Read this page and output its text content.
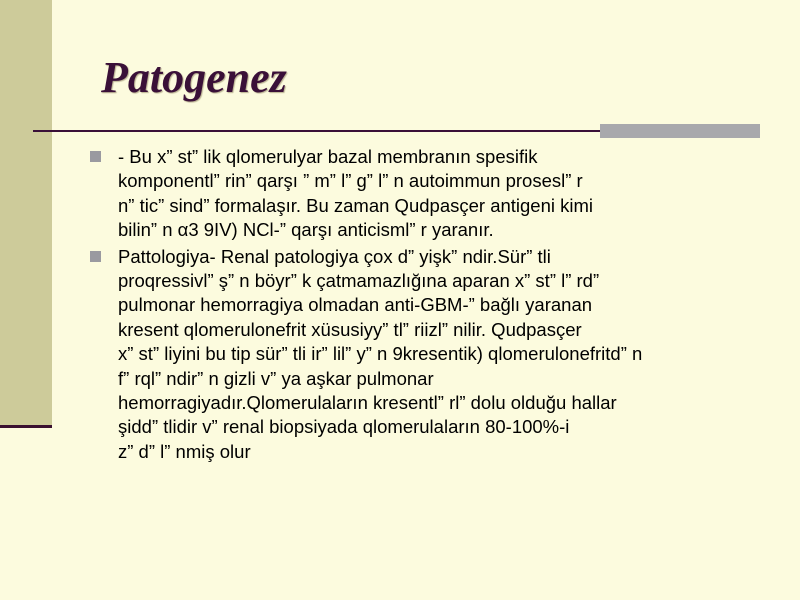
Patogenez
- Bu x” st” lik qlomerulyar bazal membranın spesifik
komponentl” rin” qarşı ” m” l” g” l” n autoimmun prosesl” r
n” tic” sind” formalaşır. Bu zaman Qudpasçer antigeni kimi
bilin” n α3 9IV) NCl-” qarşı anticisml” r yaranır.
Pattologiya- Renal patologiya çox d” yişk” ndir.Sür” tli
proqressivl” ş” n böyr” k çatmamazlığına aparan x” st” l” rd”
pulmonar hemorragiya olmadan anti-GBM-” bağlı yaranan
kresent qlomerulonefrit xüsusiyy” tl” riizl” nilir. Qudpasçer
x” st” liyini bu tip sür” tli ir” lil” y” n 9kresentik) qlomerulonefritd” n
f” rql” ndir” n gizli v” ya aşkar pulmonar
hemorragiyadır.Qlomerulaların kresentl” rl” dolu olduğu hallar
şidd” tlidir v” renal biopsiyada qlomerulaların 80-100%-i
z” d” l” nmiş olur
